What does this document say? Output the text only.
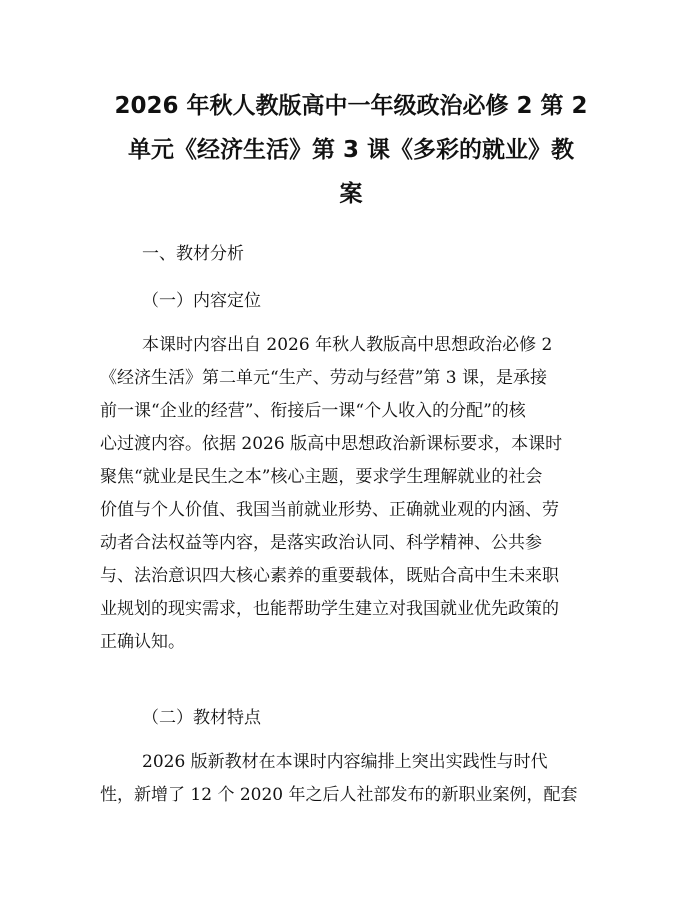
2026 年秋人教版高中一年级政治必修 2 第 2
单元《经济生活》第 3 课《多彩的就业》教
案
一、教材分析
（一）内容定位
本课时内容出自 2026 年秋人教版高中思想政治必修 2
《经济生活》第二单元“生产、劳动与经营”第 3 课，是承接
前一课“企业的经营”、衔接后一课“个人收入的分配”的核
心过渡内容。依据 2026 版高中思想政治新课标要求，本课时
聚焦“就业是民生之本”核心主题，要求学生理解就业的社会
价值与个人价值、我国当前就业形势、正确就业观的内涵、劳
动者合法权益等内容，是落实政治认同、科学精神、公共参
与、法治意识四大核心素养的重要载体，既贴合高中生未来职
业规划的现实需求，也能帮助学生建立对我国就业优先政策的
正确认知。
（二）教材特点
2026 版新教材在本课时内容编排上突出实践性与时代
性，新增了 12 个 2020 年之后人社部发布的新职业案例，配套
